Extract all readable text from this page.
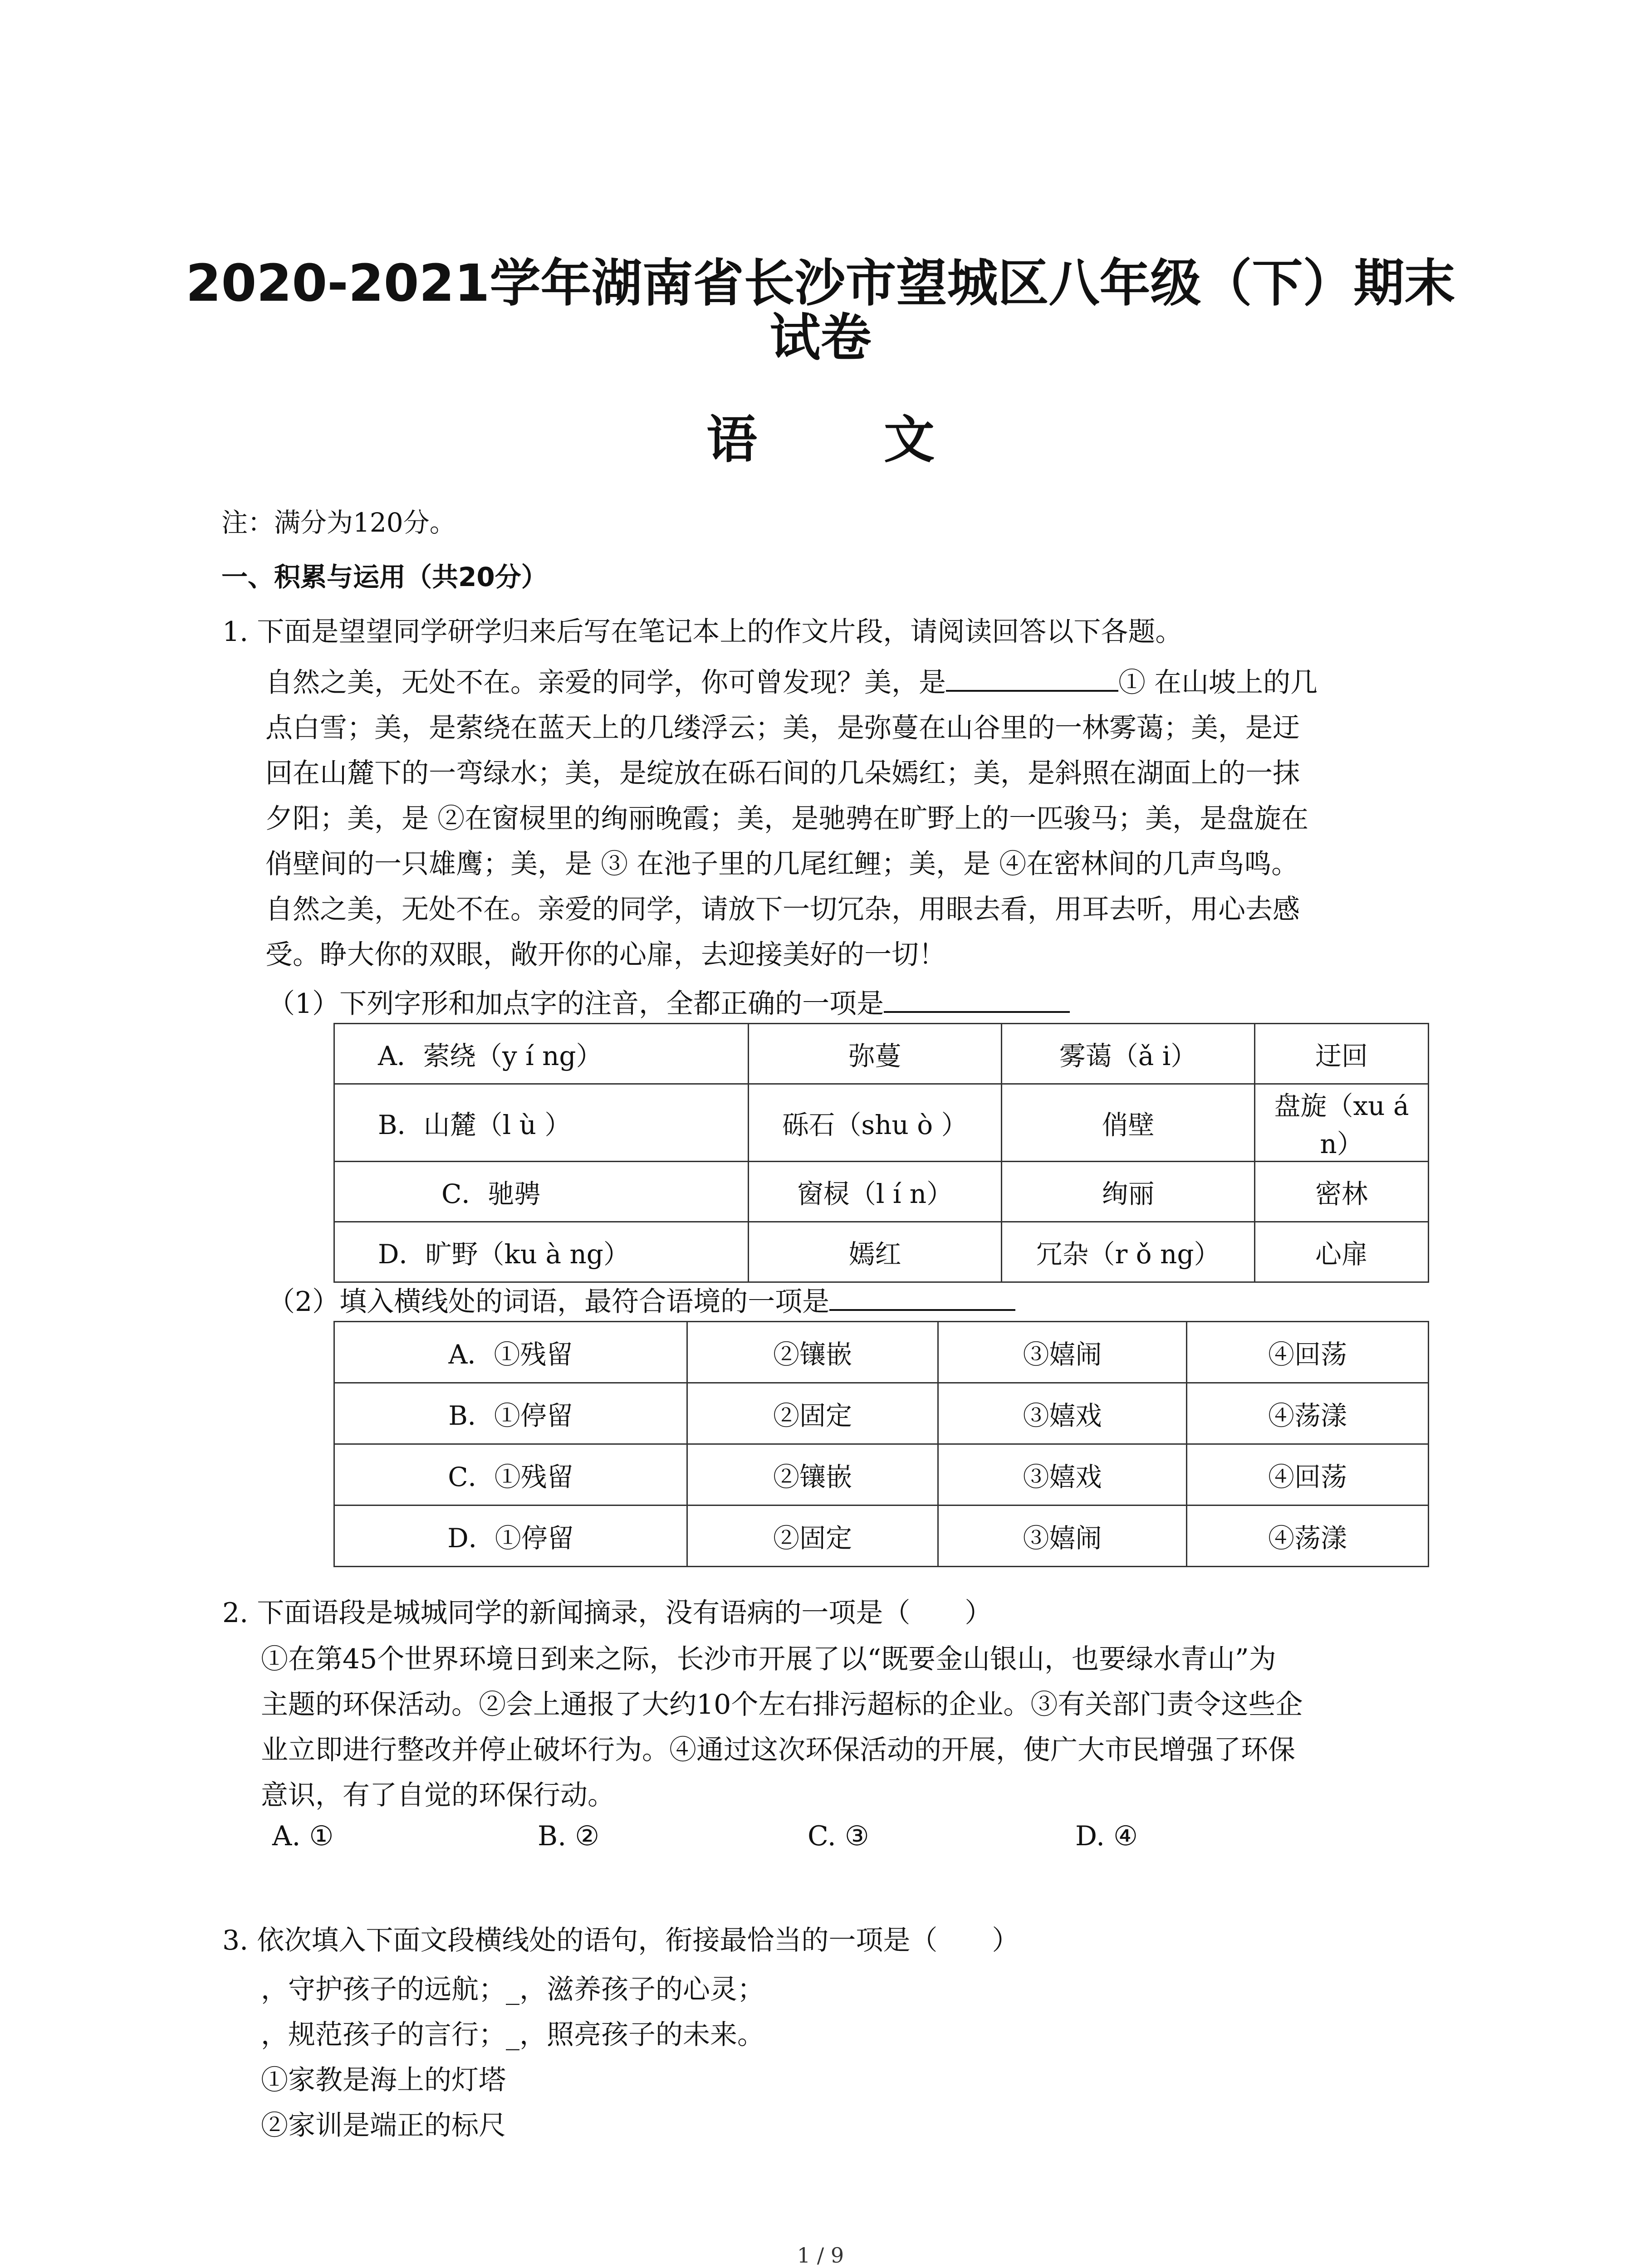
2020-2021学年湖南省长沙市望城区八年级（下）期末
试卷
语 文
注：满分为120分。
一、积累与运用（共20分）
1. 下面是望望同学研学归来后写在笔记本上的作文片段，请阅读回答以下各题。
自然之美，无处不在。亲爱的同学，你可曾发现？美，是	① 在山坡上的几
点白雪；美，是萦绕在蓝天上的几缕浮云；美，是弥蔓在山谷里的一林雾蔼；美，是迂
回在山麓下的一弯绿水；美，是绽放在砾石间的几朵嫣红；美，是斜照在湖面上的一抹
夕阳；美，是 ②在窗棂里的绚丽晚霞；美，是驰骋在旷野上的一匹骏马；美，是盘旋在
俏壁间的一只雄鹰；美，是 ③ 在池子里的几尾红鲤；美，是 ④在密林间的几声鸟鸣。
自然之美，无处不在。亲爱的同学，请放下一切冗杂，用眼去看，用耳去听，用心去感
受。睁大你的双眼，敞开你的心扉，去迎接美好的一切！
（1）下列字形和加点字的注音，全都正确的一项是
A．萦绕（y í ng）	弥蔓	雾蔼（ǎ i）	迂回
B．山麓（l ù ）	砾石（shu ò ）	俏壁	盘旋（xu á n）
C．驰骋	窗棂（l í n）	绚丽	密林
D．旷野（ku à ng）	嫣红	冗杂（r ǒ ng）	心扉
（2）填入横线处的词语，最符合语境的一项是
A．①残留	②镶嵌	③嬉闹	④回荡
B．①停留	②固定	③嬉戏	④荡漾
C．①残留	②镶嵌	③嬉戏	④回荡
D．①停留	②固定	③嬉闹	④荡漾
2. 下面语段是城城同学的新闻摘录，没有语病的一项是（　　）
①在第45个世界环境日到来之际，长沙市开展了以“既要金山银山，也要绿水青山”为
主题的环保活动。②会上通报了大约10个左右排污超标的企业。③有关部门责令这些企
业立即进行整改并停止破坏行为。④通过这次环保活动的开展，使广大市民增强了环保
意识，有了自觉的环保行动。
A. ①	B. ②	C. ③	D. ④
3. 依次填入下面文段横线处的语句，衔接最恰当的一项是（　　）
，守护孩子的远航；_，滋养孩子的心灵；
，规范孩子的言行；_，照亮孩子的未来。
①家教是海上的灯塔
②家训是端正的标尺
1 / 9
